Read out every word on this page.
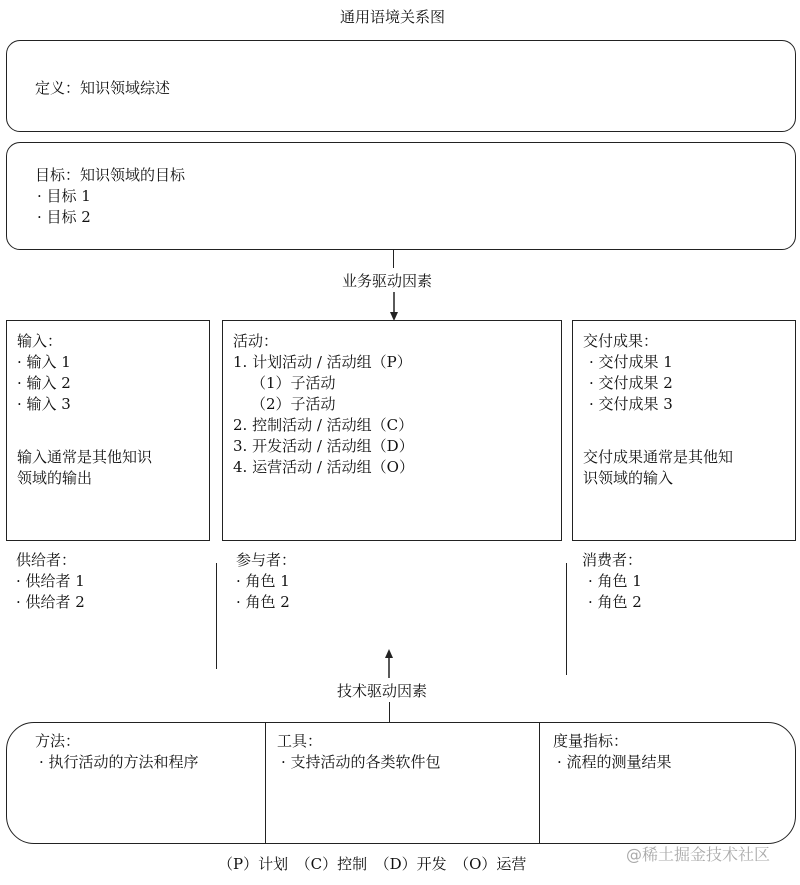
通用语境关系图
定义：知识领域综述
目标：知识领域的目标
· 目标 1
· 目标 2
业务驱动因素
输入：
· 输入 1
· 输入 2
· 输入 3
输入通常是其他知识
领域的输出
活动：
1. 计划活动 / 活动组（P）
（1）子活动
（2）子活动
2. 控制活动 / 活动组（C）
3. 开发活动 / 活动组（D）
4. 运营活动 / 活动组（O）
交付成果：
· 交付成果 1
· 交付成果 2
· 交付成果 3
交付成果通常是其他知
识领域的输入
供给者：
· 供给者 1
· 供给者 2
参与者：
· 角色 1
· 角色 2
消费者：
· 角色 1
· 角色 2
技术驱动因素
方法：
· 执行活动的方法和程序
工具：
· 支持活动的各类软件包
度量指标：
· 流程的测量结果
（P）计划　（C）控制　（D）开发　（O）运营	@稀土掘金技术社区
